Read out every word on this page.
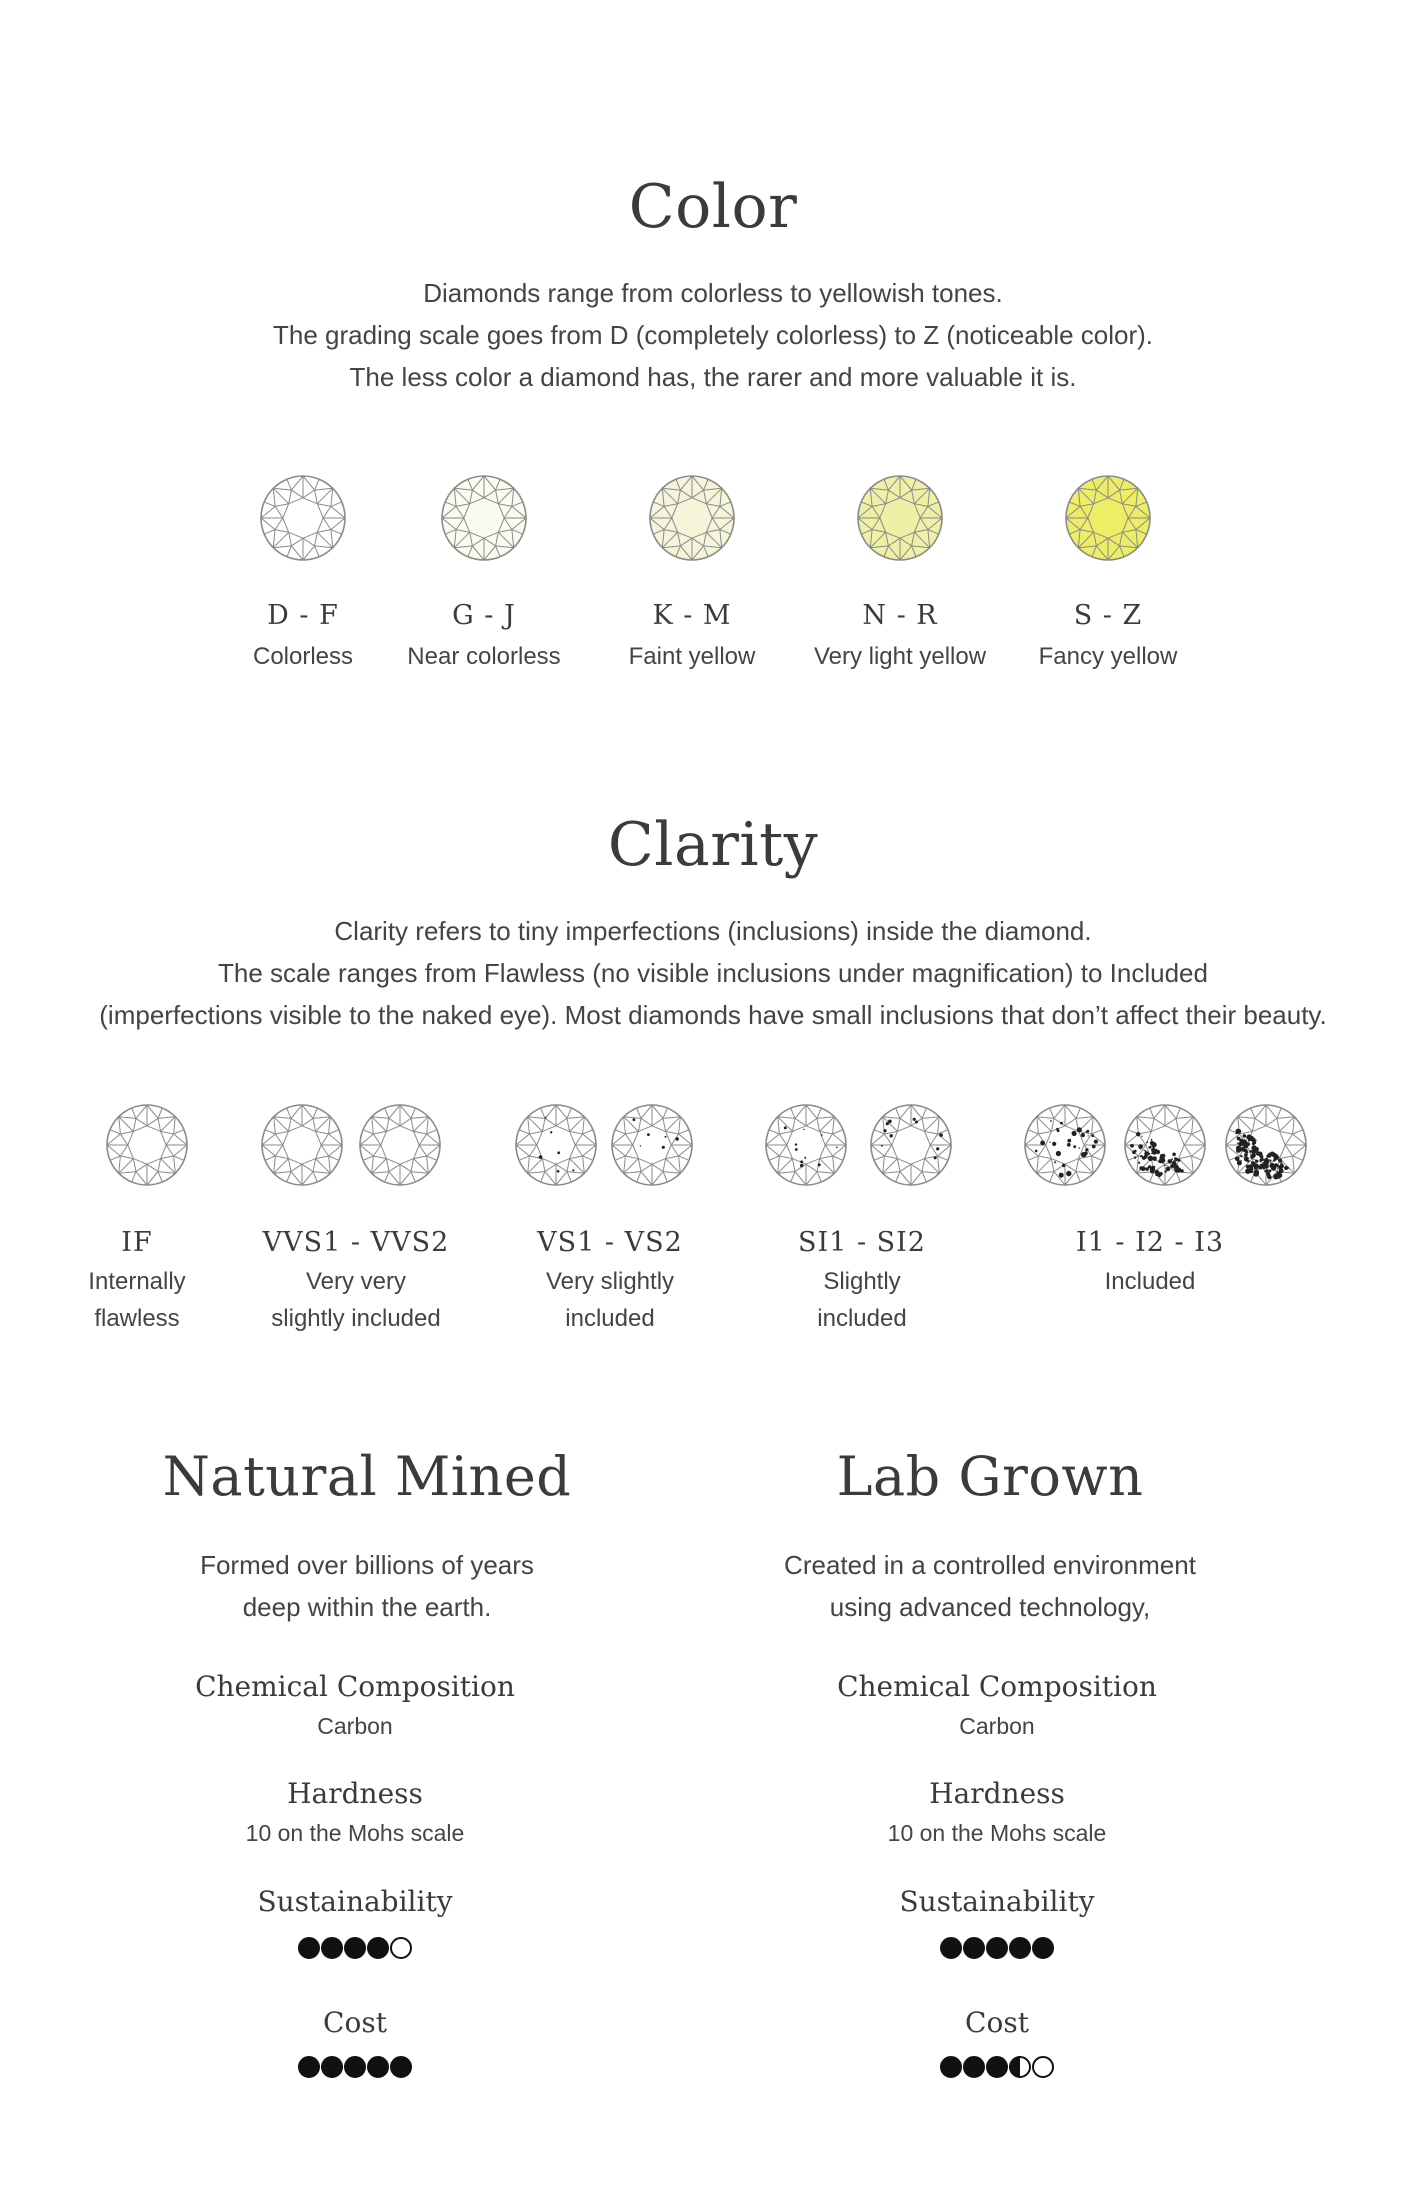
Color
Diamonds range from colorless to yellowish tones.
The grading scale goes from D (completely colorless) to Z (noticeable color).
The less color a diamond has, the rarer and more valuable it is.
D - F
Colorless
G - J
Near colorless
K - M
Faint yellow
N - R
Very light yellow
S - Z
Fancy yellow
Clarity
Clarity refers to tiny imperfections (inclusions) inside the diamond.
The scale ranges from Flawless (no visible inclusions under magnification) to Included
(imperfections visible to the naked eye). Most diamonds have small inclusions that don’t affect their beauty.
IF
Internally
flawless
VVS1 - VVS2
Very very
slightly included
VS1 - VS2
Very slightly
included
SI1 - SI2
Slightly
included
I1 - I2 - I3
Included
Natural Mined
Formed over billions of years
deep within the earth.
Chemical Composition
Carbon
Hardness
10 on the Mohs scale
Sustainability
Cost
Lab Grown
Created in a controlled environment
using advanced technology,
Chemical Composition
Carbon
Hardness
10 on the Mohs scale
Sustainability
Cost
